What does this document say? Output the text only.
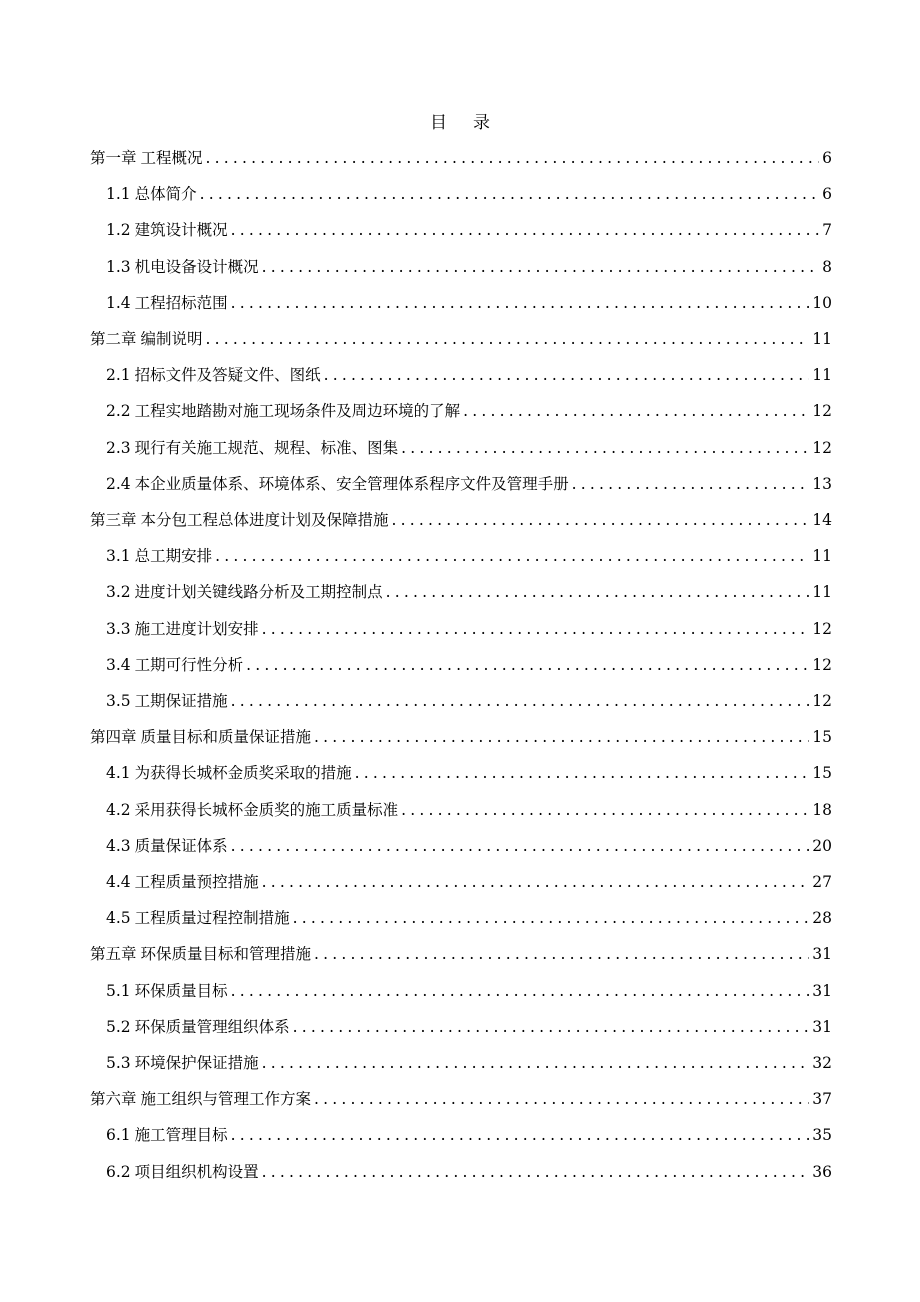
目 录
第一章 工程概况 .....	6
1.1 总体简介 .....	6
1.2 建筑设计概况 .....	7
1.3 机电设备设计概况 .....	8
1.4 工程招标范围 .....	10
第二章 编制说明 .....	11
2.1 招标文件及答疑文件、图纸 .....	11
2.2 工程实地踏勘对施工现场条件及周边环境的了解 .....	12
2.3 现行有关施工规范、规程、标准、图集 .....	12
2.4 本企业质量体系、环境体系、安全管理体系程序文件及管理手册 .....	13
第三章 本分包工程总体进度计划及保障措施 .....	14
3.1 总工期安排 .....	11
3.2 进度计划关键线路分析及工期控制点 .....	11
3.3 施工进度计划安排 .....	12
3.4 工期可行性分析 .....	12
3.5 工期保证措施 .....	12
第四章 质量目标和质量保证措施 .....	15
4.1 为获得长城杯金质奖采取的措施 .....	15
4.2 采用获得长城杯金质奖的施工质量标准 .....	18
4.3 质量保证体系 .....	20
4.4 工程质量预控措施 .....	27
4.5 工程质量过程控制措施 .....	28
第五章 环保质量目标和管理措施 .....	31
5.1 环保质量目标 .....	31
5.2 环保质量管理组织体系 .....	31
5.3 环境保护保证措施 .....	32
第六章 施工组织与管理工作方案 .....	37
6.1 施工管理目标 .....	35
6.2 项目组织机构设置 .....	36
